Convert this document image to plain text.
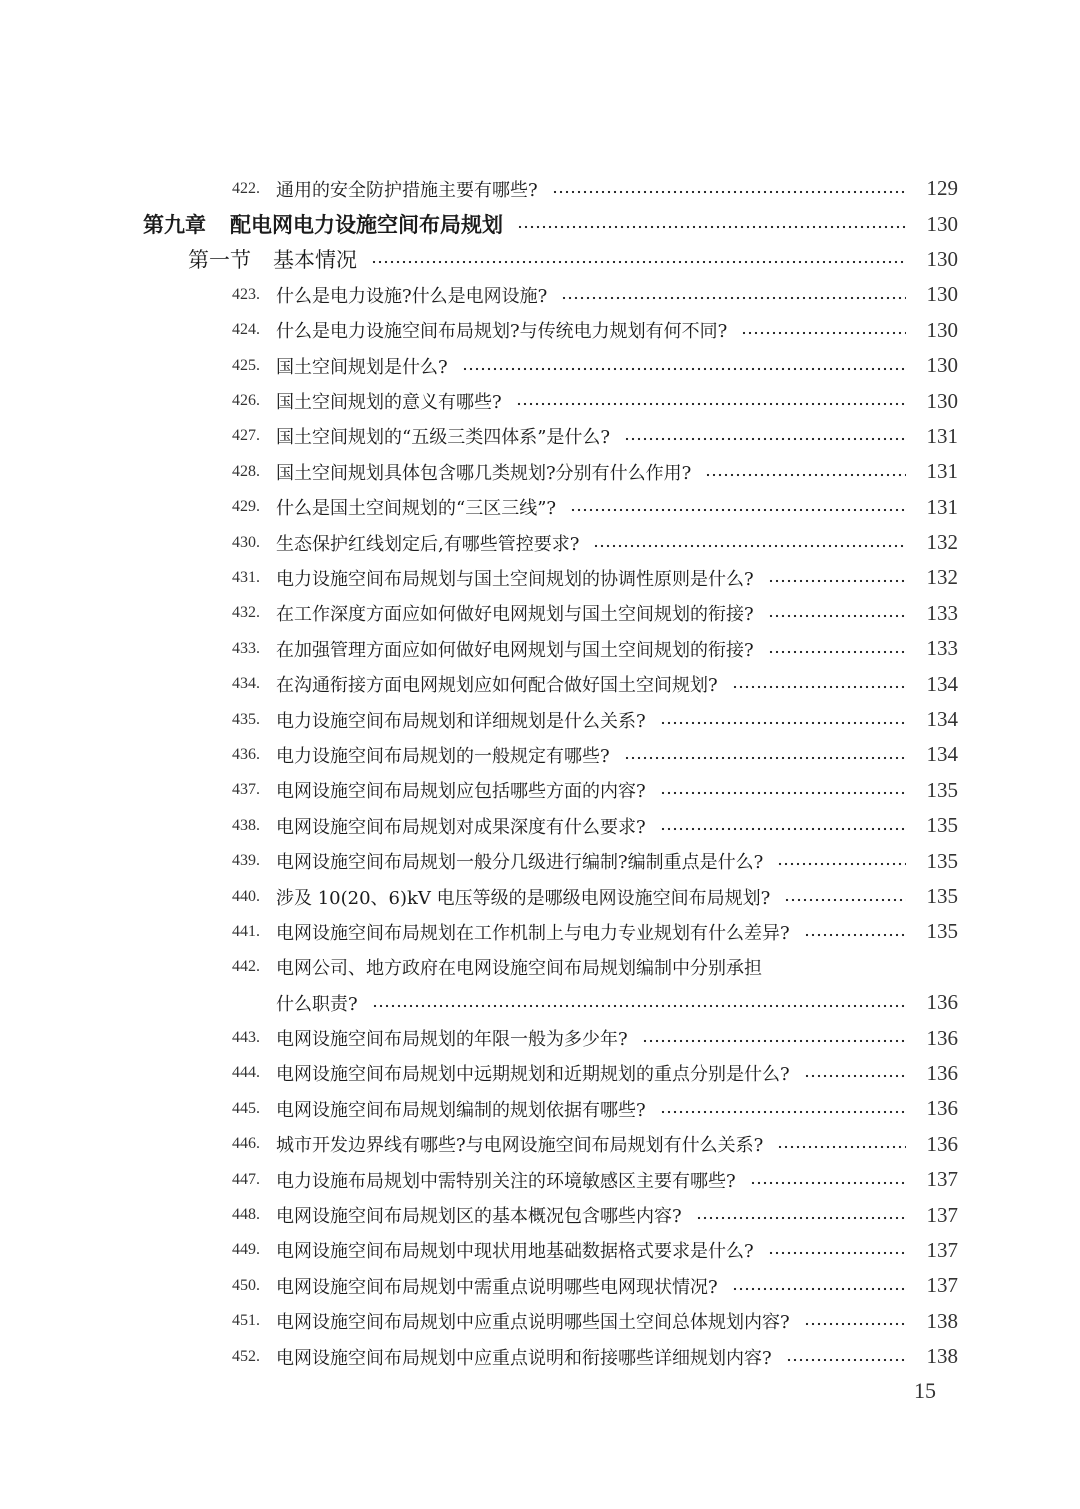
422. 通用的安全防护措施主要有哪些?	129
第九章 配电网电力设施空间布局规划	130
第一节 基本情况	130
423. 什么是电力设施?什么是电网设施?	130
424. 什么是电力设施空间布局规划?与传统电力规划有何不同?	130
425. 国土空间规划是什么?	130
426. 国土空间规划的意义有哪些?	130
427. 国土空间规划的“五级三类四体系”是什么?	131
428. 国土空间规划具体包含哪几类规划?分别有什么作用?	131
429. 什么是国土空间规划的“三区三线”?	131
430. 生态保护红线划定后,有哪些管控要求?	132
431. 电力设施空间布局规划与国土空间规划的协调性原则是什么?	132
432. 在工作深度方面应如何做好电网规划与国土空间规划的衔接?	133
433. 在加强管理方面应如何做好电网规划与国土空间规划的衔接?	133
434. 在沟通衔接方面电网规划应如何配合做好国土空间规划?	134
435. 电力设施空间布局规划和详细规划是什么关系?	134
436. 电力设施空间布局规划的一般规定有哪些?	134
437. 电网设施空间布局规划应包括哪些方面的内容?	135
438. 电网设施空间布局规划对成果深度有什么要求?	135
439. 电网设施空间布局规划一般分几级进行编制?编制重点是什么?	135
440. 涉及 10(20、6)kV 电压等级的是哪级电网设施空间布局规划?	135
441. 电网设施空间布局规划在工作机制上与电力专业规划有什么差异?	135
442. 电网公司、地方政府在电网设施空间布局规划编制中分别承担
什么职责?	136
443. 电网设施空间布局规划的年限一般为多少年?	136
444. 电网设施空间布局规划中远期规划和近期规划的重点分别是什么?	136
445. 电网设施空间布局规划编制的规划依据有哪些?	136
446. 城市开发边界线有哪些?与电网设施空间布局规划有什么关系?	136
447. 电力设施布局规划中需特别关注的环境敏感区主要有哪些?	137
448. 电网设施空间布局规划区的基本概况包含哪些内容?	137
449. 电网设施空间布局规划中现状用地基础数据格式要求是什么?	137
450. 电网设施空间布局规划中需重点说明哪些电网现状情况?	137
451. 电网设施空间布局规划中应重点说明哪些国土空间总体规划内容?	138
452. 电网设施空间布局规划中应重点说明和衔接哪些详细规划内容?	138
15
